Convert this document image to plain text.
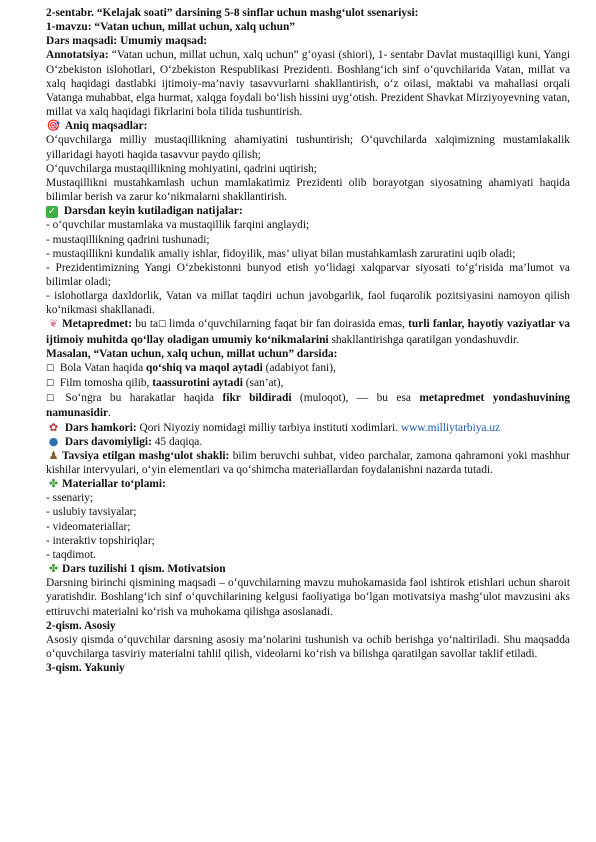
2-sentabr. “Kelajak soati” darsining 5-8 sinflar uchun mashg‘ulot ssenariysi:

1-mavzu: “Vatan uchun, millat uchun, xalq uchun”

Dars maqsadi: Umumiy maqsad:

Annotatsiya: “Vatan uchun, millat uchun, xalq uchun” g‘oyasi (shiori), 1- sentabr Davlat mustaqilligi kuni, Yangi O‘zbekiston islohotlari, O‘zbekiston Respublikasi Prezidenti. Boshlang‘ich sinf o‘quvchilarida Vatan, millat va xalq haqidagi dastlabki ijtimoiy-ma’naviy tasavvurlarni shakllantirish, o‘z oilasi, maktabi va mahallasi orqali Vatanga muhabbat, elga hurmat, xalqga foydali bo‘lish hissini uyg‘otish. Prezident Shavkat Mirziyoyevning vatan, millat va xalq haqidagi fikrlarini bola tilida tushuntirish.

🎯 Aniq maqsadlar:

O‘quvchilarga milliy mustaqillikning ahamiyatini tushuntirish; O‘quvchilarda xalqimizning mustamlakalik yillaridagi hayoti haqida tasavvur paydo qilish;

O‘quvchilarga mustaqillikning mohiyatini, qadrini uqtirish;

Mustaqillikni mustahkamlash uchun mamlakatimiz Prezidenti olib borayotgan siyosatning ahamiyati haqida bilimlar berish va zarur ko‘nikmalarni shakllantirish.

✓ Darsdan keyin kutiladigan natijalar:

- o‘quvchilar mustamlaka va mustaqillik farqini anglaydi;

- mustaqillikning qadrini tushunadi;

- mustaqillikni kundalik amaliy ishlar, fidoyilik, mas’ uliyat bilan mustahkamlash zaruratini uqib oladi;

- Prezidentimizning Yangi O‘zbekistonni bunyod etish yo‘lidagi xalqparvar siyosati to‘g‘risida ma’lumot va bilimlar oladi;

- islohotlarga daxldorlik, Vatan va millat taqdiri uchun javobgarlik, faol fuqarolik pozitsiyasini namoyon qilish ko‘nikmasi shakllanadi.

❦ Metapredmet: bu ta☐ limda o‘quvchilarning faqat bir fan doirasida emas, turli fanlar, hayotiy vaziyatlar va ijtimoiy muhitda qo‘llay oladigan umumiy ko‘nikmalarini shakllantirishga qaratilgan yondashuvdir.

Masalan, “Vatan uchun, xalq uchun, millat uchun” darsida:

☐ Bola Vatan haqida qo‘shiq va maqol aytadi (adabiyot fani),

☐ Film tomosha qilib, taassurotini aytadi (san’at),

☐ So‘ngra bu harakatlar haqida fikr bildiradi (muloqot), — bu esa metapredmet yondashuvining namunasidir.

✿ Dars hamkori: Qori Niyoziy nomidagi milliy tarbiya instituti xodimlari. www.milliytarbiya.uz

● Dars davomiyligi: 45 daqiqa.

♟ Tavsiya etilgan mashg‘ulot shakli: bilim beruvchi suhbat, video parchalar, zamona qahramoni yoki mashhur kishilar intervyulari, o‘yin elementlari va qo‘shimcha materiallardan foydalanishni nazarda tutadi.

✤ Materiallar to‘plami:

- ssenariy;

- uslubiy tavsiyalar;

- videomateriallar;

- interaktiv topshiriqlar;

- taqdimot.

✤ Dars tuzilishi 1 qism. Motivatsion

Darsning birinchi qismining maqsadi – o‘quvchilarning mavzu muhokamasida faol ishtirok etishlari uchun sharoit yaratishdir. Boshlang‘ich sinf o‘quvchilarining kelgusi faoliyatiga bo‘lgan motivatsiya mashg‘ulot mavzusini aks ettiruvchi materialni ko‘rish va muhokama qilishga asoslanadi.

2-qism. Asosiy

Asosiy qismda o‘quvchilar darsning asosiy ma’nolarini tushunish va ochib berishga yo‘naltiriladi. Shu maqsadda o‘quvchilarga tasviriy materialni tahlil qilish, videolarni ko‘rish va bilishga qaratilgan savollar taklif etiladi.

3-qism. Yakuniy
